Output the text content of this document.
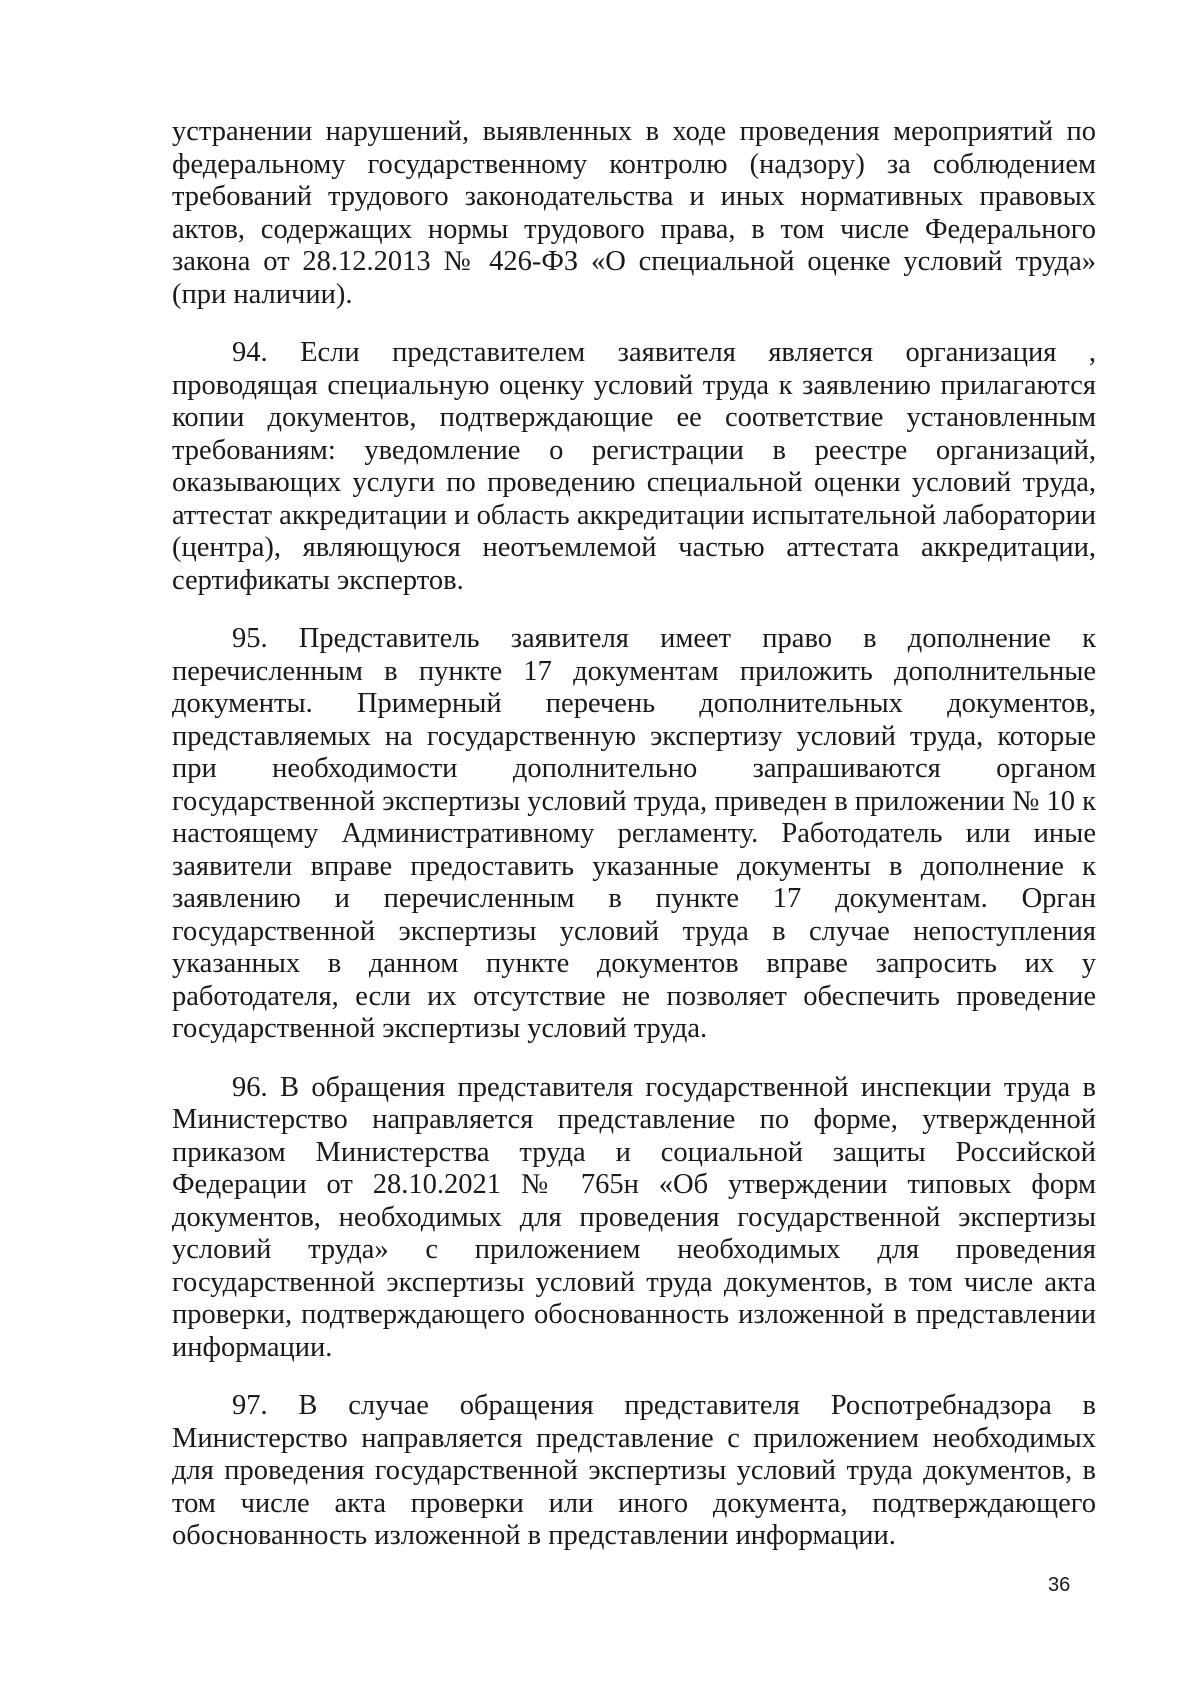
устранении нарушений, выявленных в ходе проведения мероприятий по федеральному государственному контролю (надзору) за соблюдением требований трудового законодательства и иных нормативных правовых актов, содержащих нормы трудового права, в том числе Федерального закона от 28.12.2013 № 426-ФЗ «О специальной оценке условий труда» (при наличии).

94. Если представителем заявителя является организация , проводящая специальную оценку условий труда к заявлению прилагаются копии документов, подтверждающие ее соответствие установленным требованиям: уведомление о регистрации в реестре организаций, оказывающих услуги по проведению специальной оценки условий труда, аттестат аккредитации и область аккредитации испытательной лаборатории (центра), являющуюся неотъемлемой частью аттестата аккредитации, сертификаты экспертов.

95. Представитель заявителя имеет право в дополнение к перечисленным в пункте 17 документам приложить дополнительные документы. Примерный перечень дополнительных документов, представляемых на государственную экспертизу условий труда, которые при необходимости дополнительно запрашиваются органом государственной экспертизы условий труда, приведен в приложении № 10 к настоящему Административному регламенту. Работодатель или иные заявители вправе предоставить указанные документы в дополнение к заявлению и перечисленным в пункте 17 документам. Орган государственной экспертизы условий труда в случае непоступления указанных в данном пункте документов вправе запросить их у работодателя, если их отсутствие не позволяет обеспечить проведение государственной экспертизы условий труда.

96. В обращения представителя государственной инспекции труда в Министерство направляется представление по форме, утвержденной приказом Министерства труда и социальной защиты Российской Федерации от 28.10.2021 № 765н «Об утверждении типовых форм документов, необходимых для проведения государственной экспертизы условий труда» с приложением необходимых для проведения государственной экспертизы условий труда документов, в том числе акта проверки, подтверждающего обоснованность изложенной в представлении информации.

97. В случае обращения представителя Роспотребнадзора в Министерство направляется представление с приложением необходимых для проведения государственной экспертизы условий труда документов, в том числе акта проверки или иного документа, подтверждающего обоснованность изложенной в представлении информации.

36
